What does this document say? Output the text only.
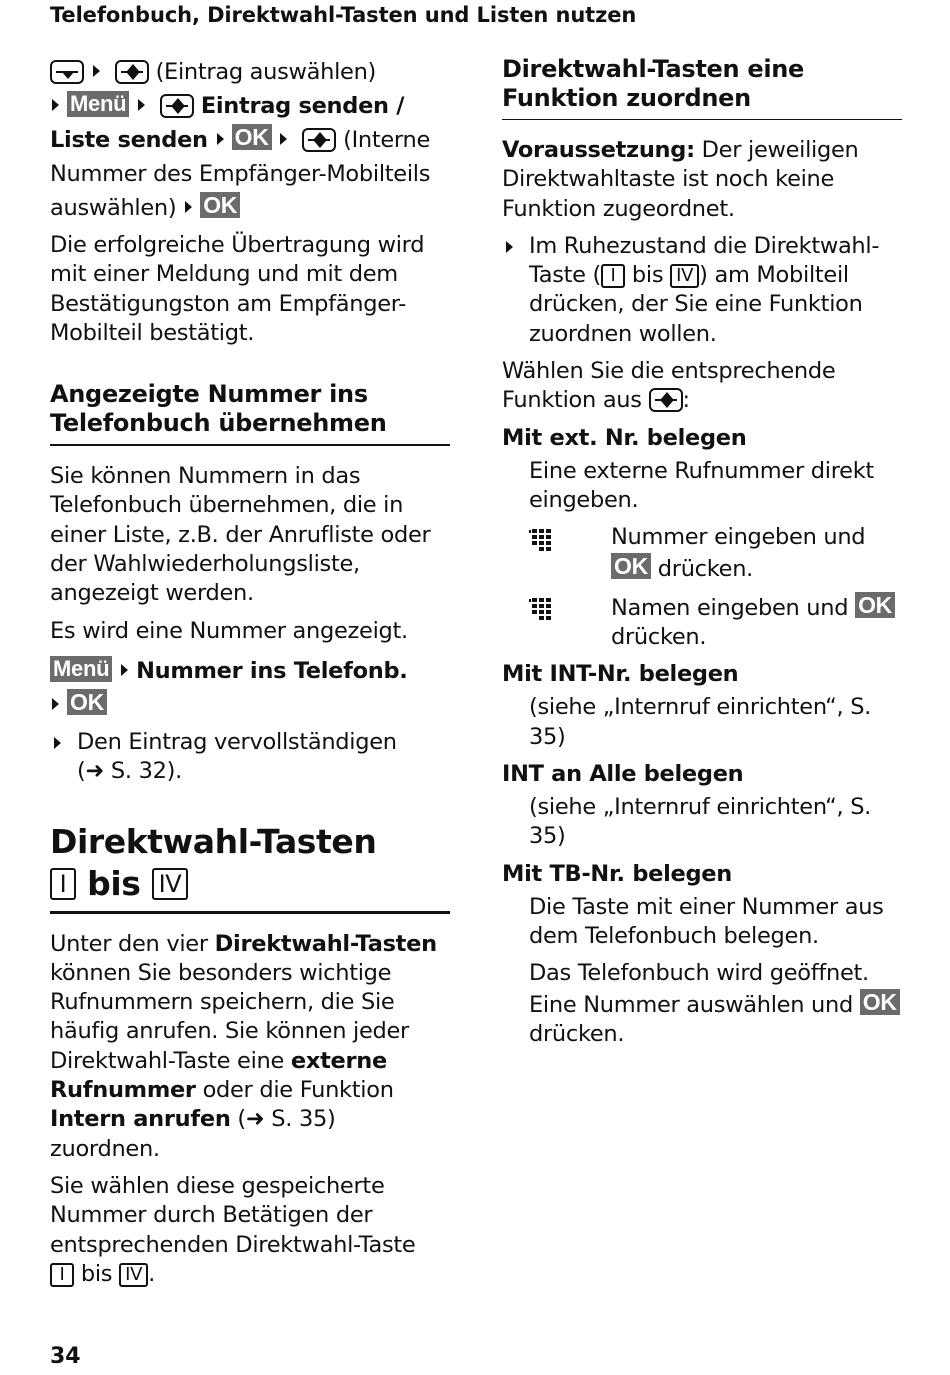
Telefonbuch, Direktwahl-Tasten und Listen nutzen

(Eintrag auswählen)
Menü	Eintrag senden /
Liste senden OK	(Interne Nummer des Empfänger-Mobilteils auswählen) OK

Die erfolgreiche Übertragung wird mit einer Meldung und mit dem Bestätigungston am Empfänger-Mobilteil bestätigt.

Angezeigte Nummer ins Telefonbuch übernehmen

Sie können Nummern in das Telefonbuch übernehmen, die in einer Liste, z.B. der Anrufliste oder der Wahlwiederholungsliste, angezeigt werden.

Es wird eine Nummer angezeigt.

Menü Nummer ins Telefonb.
OK

Den Eintrag vervollständigen
(➜ S. 32).

Direktwahl-Tasten
I bis IV

Unter den vier Direktwahl-Tasten können Sie besonders wichtige Rufnummern speichern, die Sie häufig anrufen. Sie können jeder Direktwahl-Taste eine externe Rufnummer oder die Funktion Intern anrufen (➜ S. 35) zuordnen.

Sie wählen diese gespeicherte Nummer durch Betätigen der entsprechenden Direktwahl-Taste
I bis IV .

Direktwahl-Tasten eine Funktion zuordnen

Voraussetzung: Der jeweiligen Direktwahltaste ist noch keine Funktion zugeordnet.

Im Ruhezustand die Direktwahl-Taste ( I bis IV ) am Mobilteil drücken, der Sie eine Funktion zuordnen wollen.

Wählen Sie die entsprechende Funktion aus :

Mit ext. Nr. belegen

Eine externe Rufnummer direkt eingeben.

Nummer eingeben und
OK drücken.
Namen eingeben und OK
drücken.
Mit INT-Nr. belegen

(siehe „Internruf einrichten“, S. 35)

INT an Alle belegen

(siehe „Internruf einrichten“, S. 35)

Mit TB-Nr. belegen

Die Taste mit einer Nummer aus dem Telefonbuch belegen.

Das Telefonbuch wird geöffnet. Eine Nummer auswählen und OK
drücken.

34
